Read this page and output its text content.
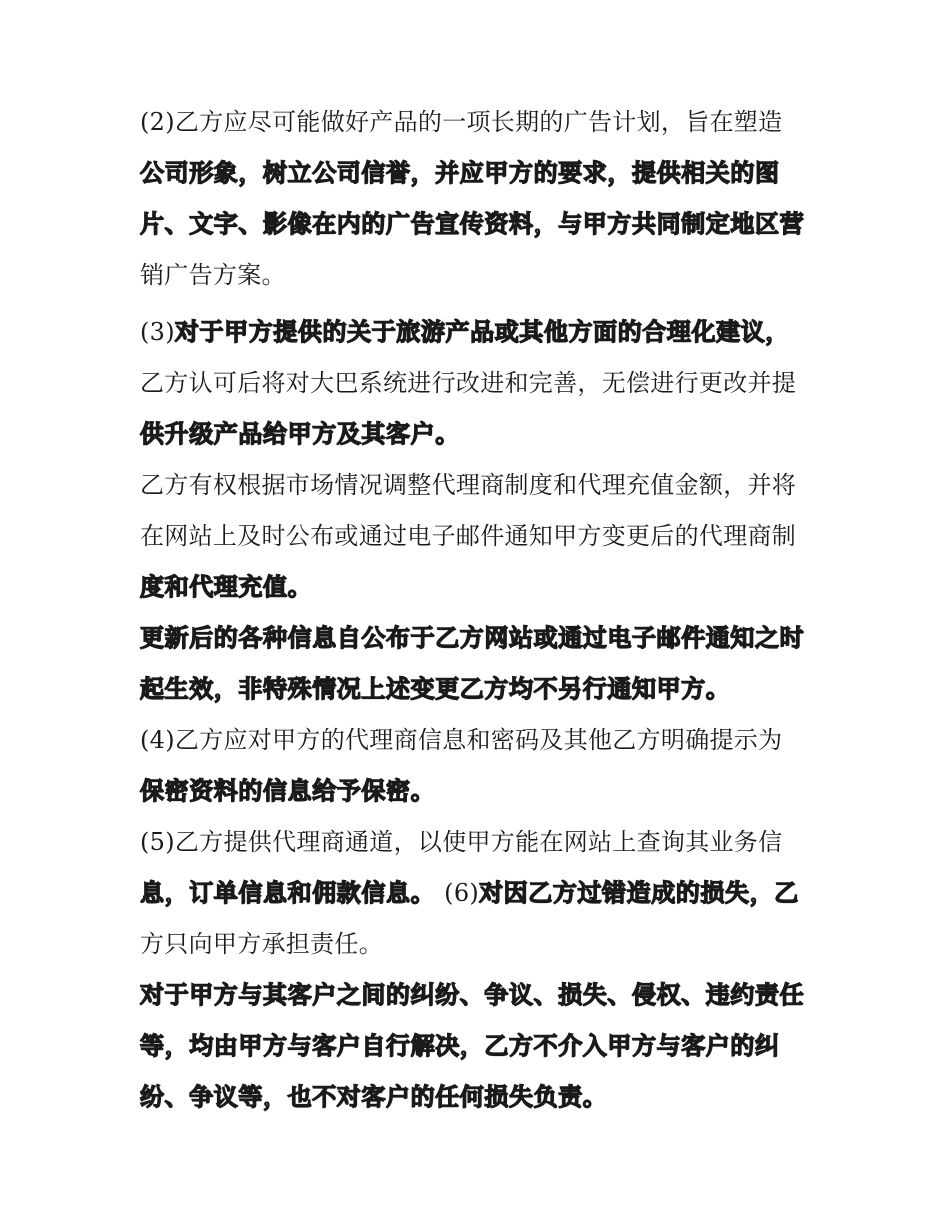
(2)乙方应尽可能做好产品的一项长期的广告计划，旨在塑造
公司形象，树立公司信誉，并应甲方的要求，提供相关的图
片、文字、影像在内的广告宣传资料，与甲方共同制定地区营
销广告方案。
(3)对于甲方提供的关于旅游产品或其他方面的合理化建议，
乙方认可后将对大巴系统进行改进和完善，无偿进行更改并提
供升级产品给甲方及其客户。
乙方有权根据市场情况调整代理商制度和代理充值金额，并将
在网站上及时公布或通过电子邮件通知甲方变更后的代理商制
度和代理充值。
更新后的各种信息自公布于乙方网站或通过电子邮件通知之时
起生效，非特殊情况上述变更乙方均不另行通知甲方。
(4)乙方应对甲方的代理商信息和密码及其他乙方明确提示为
保密资料的信息给予保密。
(5)乙方提供代理商通道，以使甲方能在网站上查询其业务信
息，订单信息和佣款信息。 (6)对因乙方过错造成的损失，乙
方只向甲方承担责任。
对于甲方与其客户之间的纠纷、争议、损失、侵权、违约责任
等，均由甲方与客户自行解决，乙方不介入甲方与客户的纠
纷、争议等，也不对客户的任何损失负责。
